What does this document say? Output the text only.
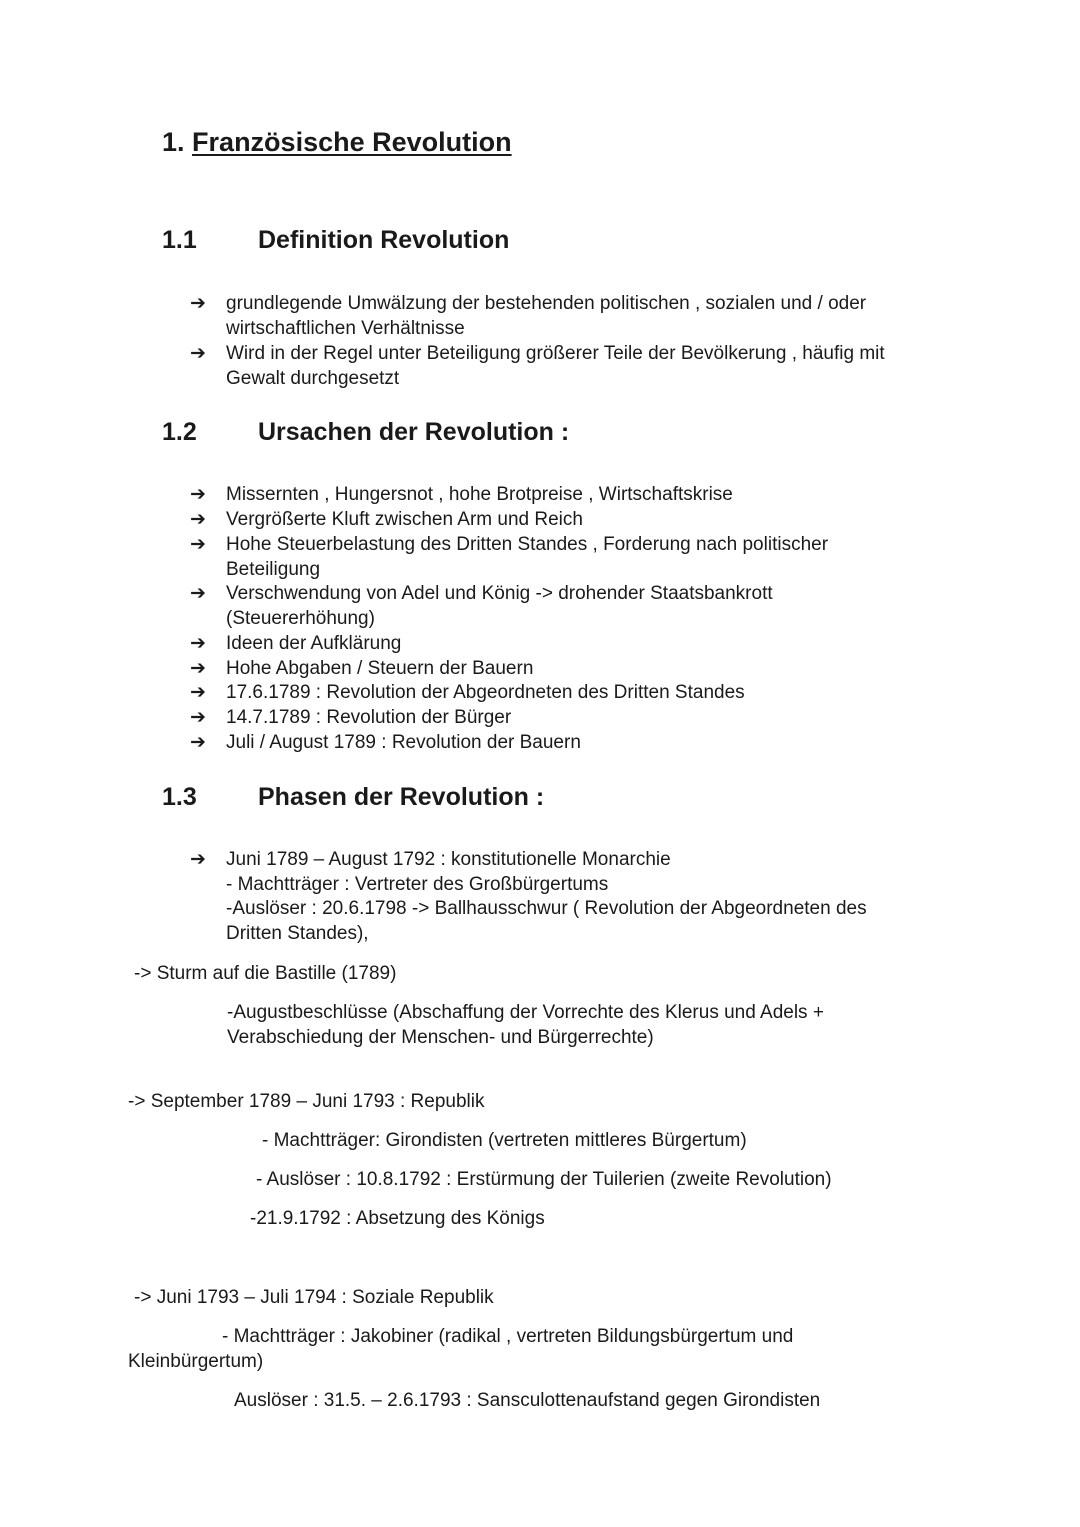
1. Französische Revolution
1.1 Definition Revolution
➔
grundlegende Umwälzung der bestehenden politischen , sozialen und / oder
wirtschaftlichen Verhältnisse
➔
Wird in der Regel unter Beteiligung größerer Teile der Bevölkerung , häufig mit
Gewalt durchgesetzt
1.2 Ursachen der Revolution :
➔
Missernten , Hungersnot , hohe Brotpreise , Wirtschaftskrise
➔
Vergrößerte Kluft zwischen Arm und Reich
➔
Hohe Steuerbelastung des Dritten Standes , Forderung nach politischer
Beteiligung
➔
Verschwendung von Adel und König -> drohender Staatsbankrott
(Steuererhöhung)
➔
Ideen der Aufklärung
➔
Hohe Abgaben / Steuern der Bauern
➔
17.6.1789 : Revolution der Abgeordneten des Dritten Standes
➔
14.7.1789 : Revolution der Bürger
➔
Juli / August 1789 : Revolution der Bauern
1.3 Phasen der Revolution :
➔
Juni 1789 – August 1792 : konstitutionelle Monarchie
- Machtträger : Vertreter des Großbürgertums
-Auslöser : 20.6.1798 -> Ballhausschwur ( Revolution der Abgeordneten des
Dritten Standes),
-> Sturm auf die Bastille (1789)
-Augustbeschlüsse (Abschaffung der Vorrechte des Klerus und Adels +
Verabschiedung der Menschen- und Bürgerrechte)
-> September 1789 – Juni 1793 : Republik
- Machtträger: Girondisten (vertreten mittleres Bürgertum)
- Auslöser : 10.8.1792 : Erstürmung der Tuilerien (zweite Revolution)
-21.9.1792 : Absetzung des Königs
-> Juni 1793 – Juli 1794 : Soziale Republik
- Machtträger : Jakobiner (radikal , vertreten Bildungsbürgertum und
Kleinbürgertum)
Auslöser : 31.5. – 2.6.1793 : Sansculottenaufstand gegen Girondisten
